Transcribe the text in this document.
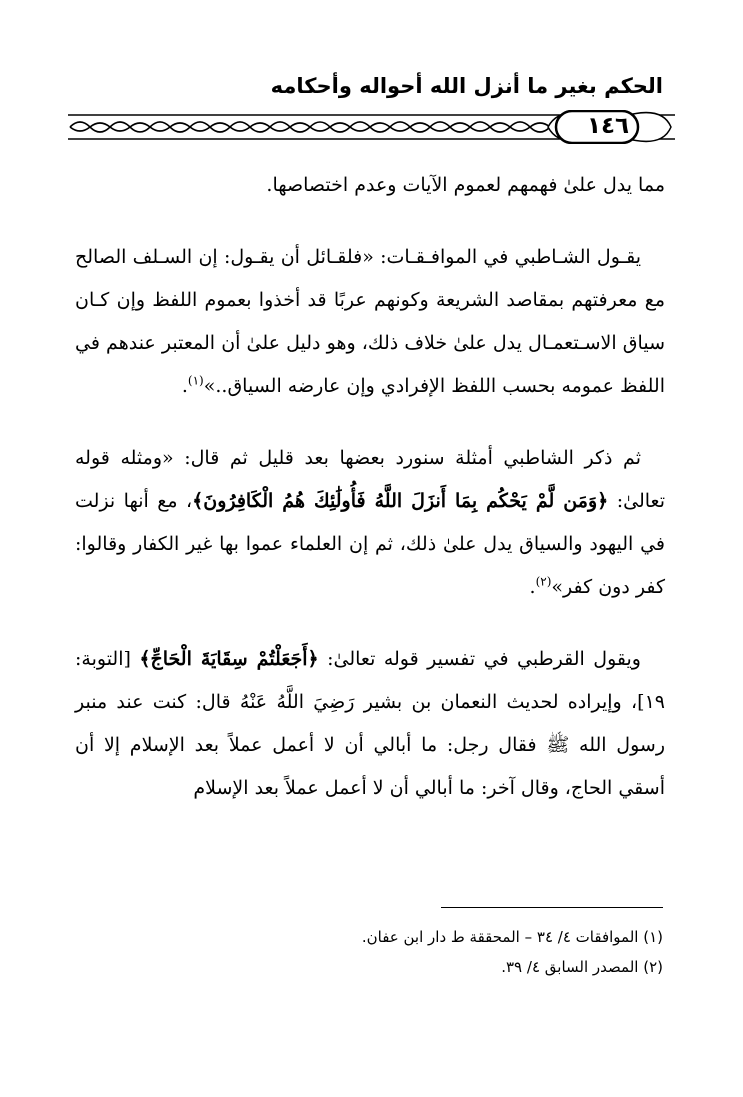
الحكم بغير ما أنزل الله أحواله وأحكامه
١٤٦

مما يدل علىٰ فهمهم لعموم الآيات وعدم اختصاصها.

يقـول الشـاطبي في الموافـقـات: «فلقـائل أن يقـول: إن السـلف الصالح مع معرفتهم بمقاصد الشريعة وكونهم عربًا قد أخذوا بعموم اللفظ وإن كـان سياق الاسـتعمـال يدل علىٰ خلاف ذلك، وهو دليل علىٰ أن المعتبر عندهم في اللفظ عمومه بحسب اللفظ الإفرادي وإن عارضه السياق..»$^{(١)}$.

ثم ذكر الشاطبي أمثلة سنورد بعضها بعد قليل ثم قال: «ومثله قوله تعالىٰ: ﴿وَمَن لَّمْ يَحْكُم بِمَا أَنزَلَ اللَّهُ فَأُولَٰئِكَ هُمُ الْكَافِرُونَ﴾، مع أنها نزلت في اليهود والسياق يدل علىٰ ذلك، ثم إن العلماء عموا بها غير الكفار وقالوا: كفر دون كفر»$^{(٢)}$.

ويقول القرطبي في تفسير قوله تعالىٰ: ﴿أَجَعَلْتُمْ سِقَايَةَ الْحَاجِّ﴾ [التوبة: ١٩]، وإيراده لحديث النعمان بن بشير رَضِيَ اللَّهُ عَنْهُ قال: كنت عند منبر رسول الله ﷺ فقال رجل: ما أبالي أن لا أعمل عملاً بعد الإسلام إلا أن أسقي الحاج، وقال آخر: ما أبالي أن لا أعمل عملاً بعد الإسلام

(١) الموافقات ٤/ ٣٤ – المحققة ط دار ابن عفان.
(٢) المصدر السابق ٤/ ٣٩.
